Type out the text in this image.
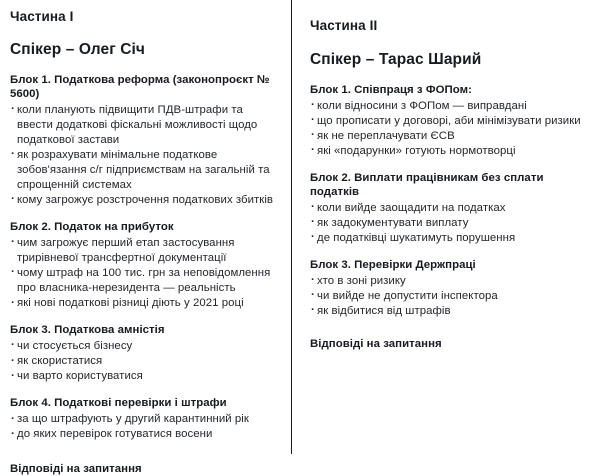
Частина I
Спікер – Олег Січ
Блок 1. Податкова реформа (законопроєкт № 5600)
· коли планують підвищити ПДВ-штрафи та ввести додаткові фіскальні можливості щодо податкової застави
· як розрахувати мінімальне податкове зобов'язання с/г підприємствам на загальній та спрощенній системах
· кому загрожує розстрочення податкових збитків
Блок 2. Податок на прибуток
· чим загрожує перший етап застосування трирівневої трансфертної документації
· чому штраф на 100 тис. грн за неповідомлення про власника-нерезидента — реальність
· які нові податкові різниці діють у 2021 році
Блок 3. Податкова амністія
· чи стосується бізнесу
· як скористатися
· чи варто користуватися
Блок 4. Податкові перевірки і штрафи
· за що штрафують у другий карантинний рік
· до яких перевірок готуватися восени
Відповіді на запитання
Частина II
Спікер – Тарас Шарий
Блок 1. Співпраця з ФОПом:
· коли відносини з ФОПом — виправдані
· що прописати у договорі, аби мінімізувати ризики
· як не переплачувати ЄСВ
· які «подарунки» готують нормотворці
Блок 2. Виплати працівникам без сплати податків
· коли вийде заощадити на податках
· як задокументувати виплату
· де податківці шукатимуть порушення
Блок 3. Перевірки Держпраці
· хто в зоні ризику
· чи вийде не допустити інспектора
· як відбитися від штрафів
Відповіді на запитання
